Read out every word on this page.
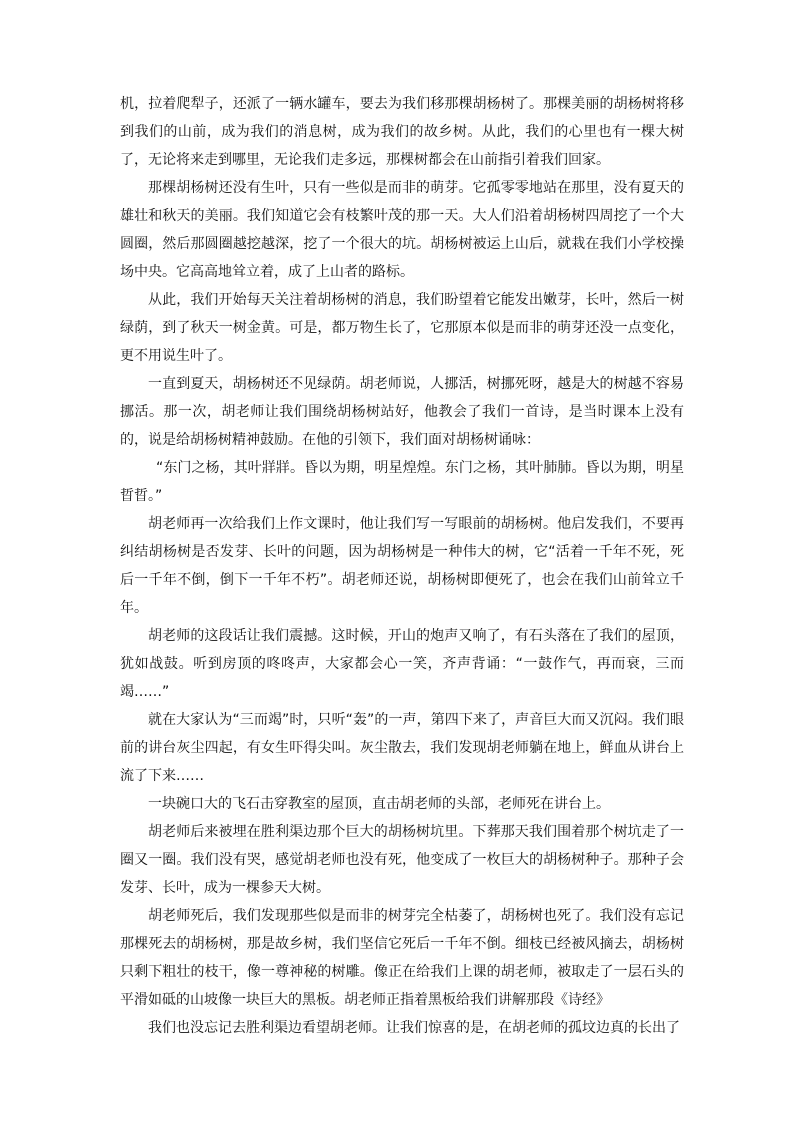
机，拉着爬犁子，还派了一辆水罐车，要去为我们移那棵胡杨树了。那棵美丽的胡杨树将移到我们的山前，成为我们的消息树，成为我们的故乡树。从此，我们的心里也有一棵大树了，无论将来走到哪里，无论我们走多远，那棵树都会在山前指引着我们回家。

那棵胡杨树还没有生叶，只有一些似是而非的萌芽。它孤零零地站在那里，没有夏天的雄壮和秋天的美丽。我们知道它会有枝繁叶茂的那一天。大人们沿着胡杨树四周挖了一个大圆圈，然后那圆圈越挖越深，挖了一个很大的坑。胡杨树被运上山后，就栽在我们小学校操场中央。它高高地耸立着，成了上山者的路标。

从此，我们开始每天关注着胡杨树的消息，我们盼望着它能发出嫩芽，长叶，然后一树绿荫，到了秋天一树金黄。可是，都万物生长了，它那原本似是而非的萌芽还没一点变化，更不用说生叶了。

一直到夏天，胡杨树还不见绿荫。胡老师说，人挪活，树挪死呀，越是大的树越不容易挪活。那一次，胡老师让我们围绕胡杨树站好，他教会了我们一首诗，是当时课本上没有的，说是给胡杨树精神鼓励。在他的引领下，我们面对胡杨树诵咏：

“东门之杨，其叶牂牂。昏以为期，明星煌煌。东门之杨，其叶肺肺。昏以为期，明星晢晢。”

胡老师再一次给我们上作文课时，他让我们写一写眼前的胡杨树。他启发我们，不要再纠结胡杨树是否发芽、长叶的问题，因为胡杨树是一种伟大的树，它“活着一千年不死，死后一千年不倒，倒下一千年不朽”。胡老师还说，胡杨树即便死了，也会在我们山前耸立千年。

胡老师的这段话让我们震撼。这时候，开山的炮声又响了，有石头落在了我们的屋顶，犹如战鼓。听到房顶的咚咚声，大家都会心一笑，齐声背诵：“一鼓作气，再而衰，三而竭……”

就在大家认为“三而竭”时，只听“轰”的一声，第四下来了，声音巨大而又沉闷。我们眼前的讲台灰尘四起，有女生吓得尖叫。灰尘散去，我们发现胡老师躺在地上，鲜血从讲台上流了下来……

一块碗口大的飞石击穿教室的屋顶，直击胡老师的头部，老师死在讲台上。

胡老师后来被埋在胜利渠边那个巨大的胡杨树坑里。下葬那天我们围着那个树坑走了一圈又一圈。我们没有哭，感觉胡老师也没有死，他变成了一枚巨大的胡杨树种子。那种子会发芽、长叶，成为一棵参天大树。

胡老师死后，我们发现那些似是而非的树芽完全枯萎了，胡杨树也死了。我们没有忘记那棵死去的胡杨树，那是故乡树，我们坚信它死后一千年不倒。细枝已经被风摘去，胡杨树只剩下粗壮的枝干，像一尊神秘的树雕。像正在给我们上课的胡老师，被取走了一层石头的平滑如砥的山坡像一块巨大的黑板。胡老师正指着黑板给我们讲解那段《诗经》

我们也没忘记去胜利渠边看望胡老师。让我们惊喜的是，在胡老师的孤坟边真的长出了
